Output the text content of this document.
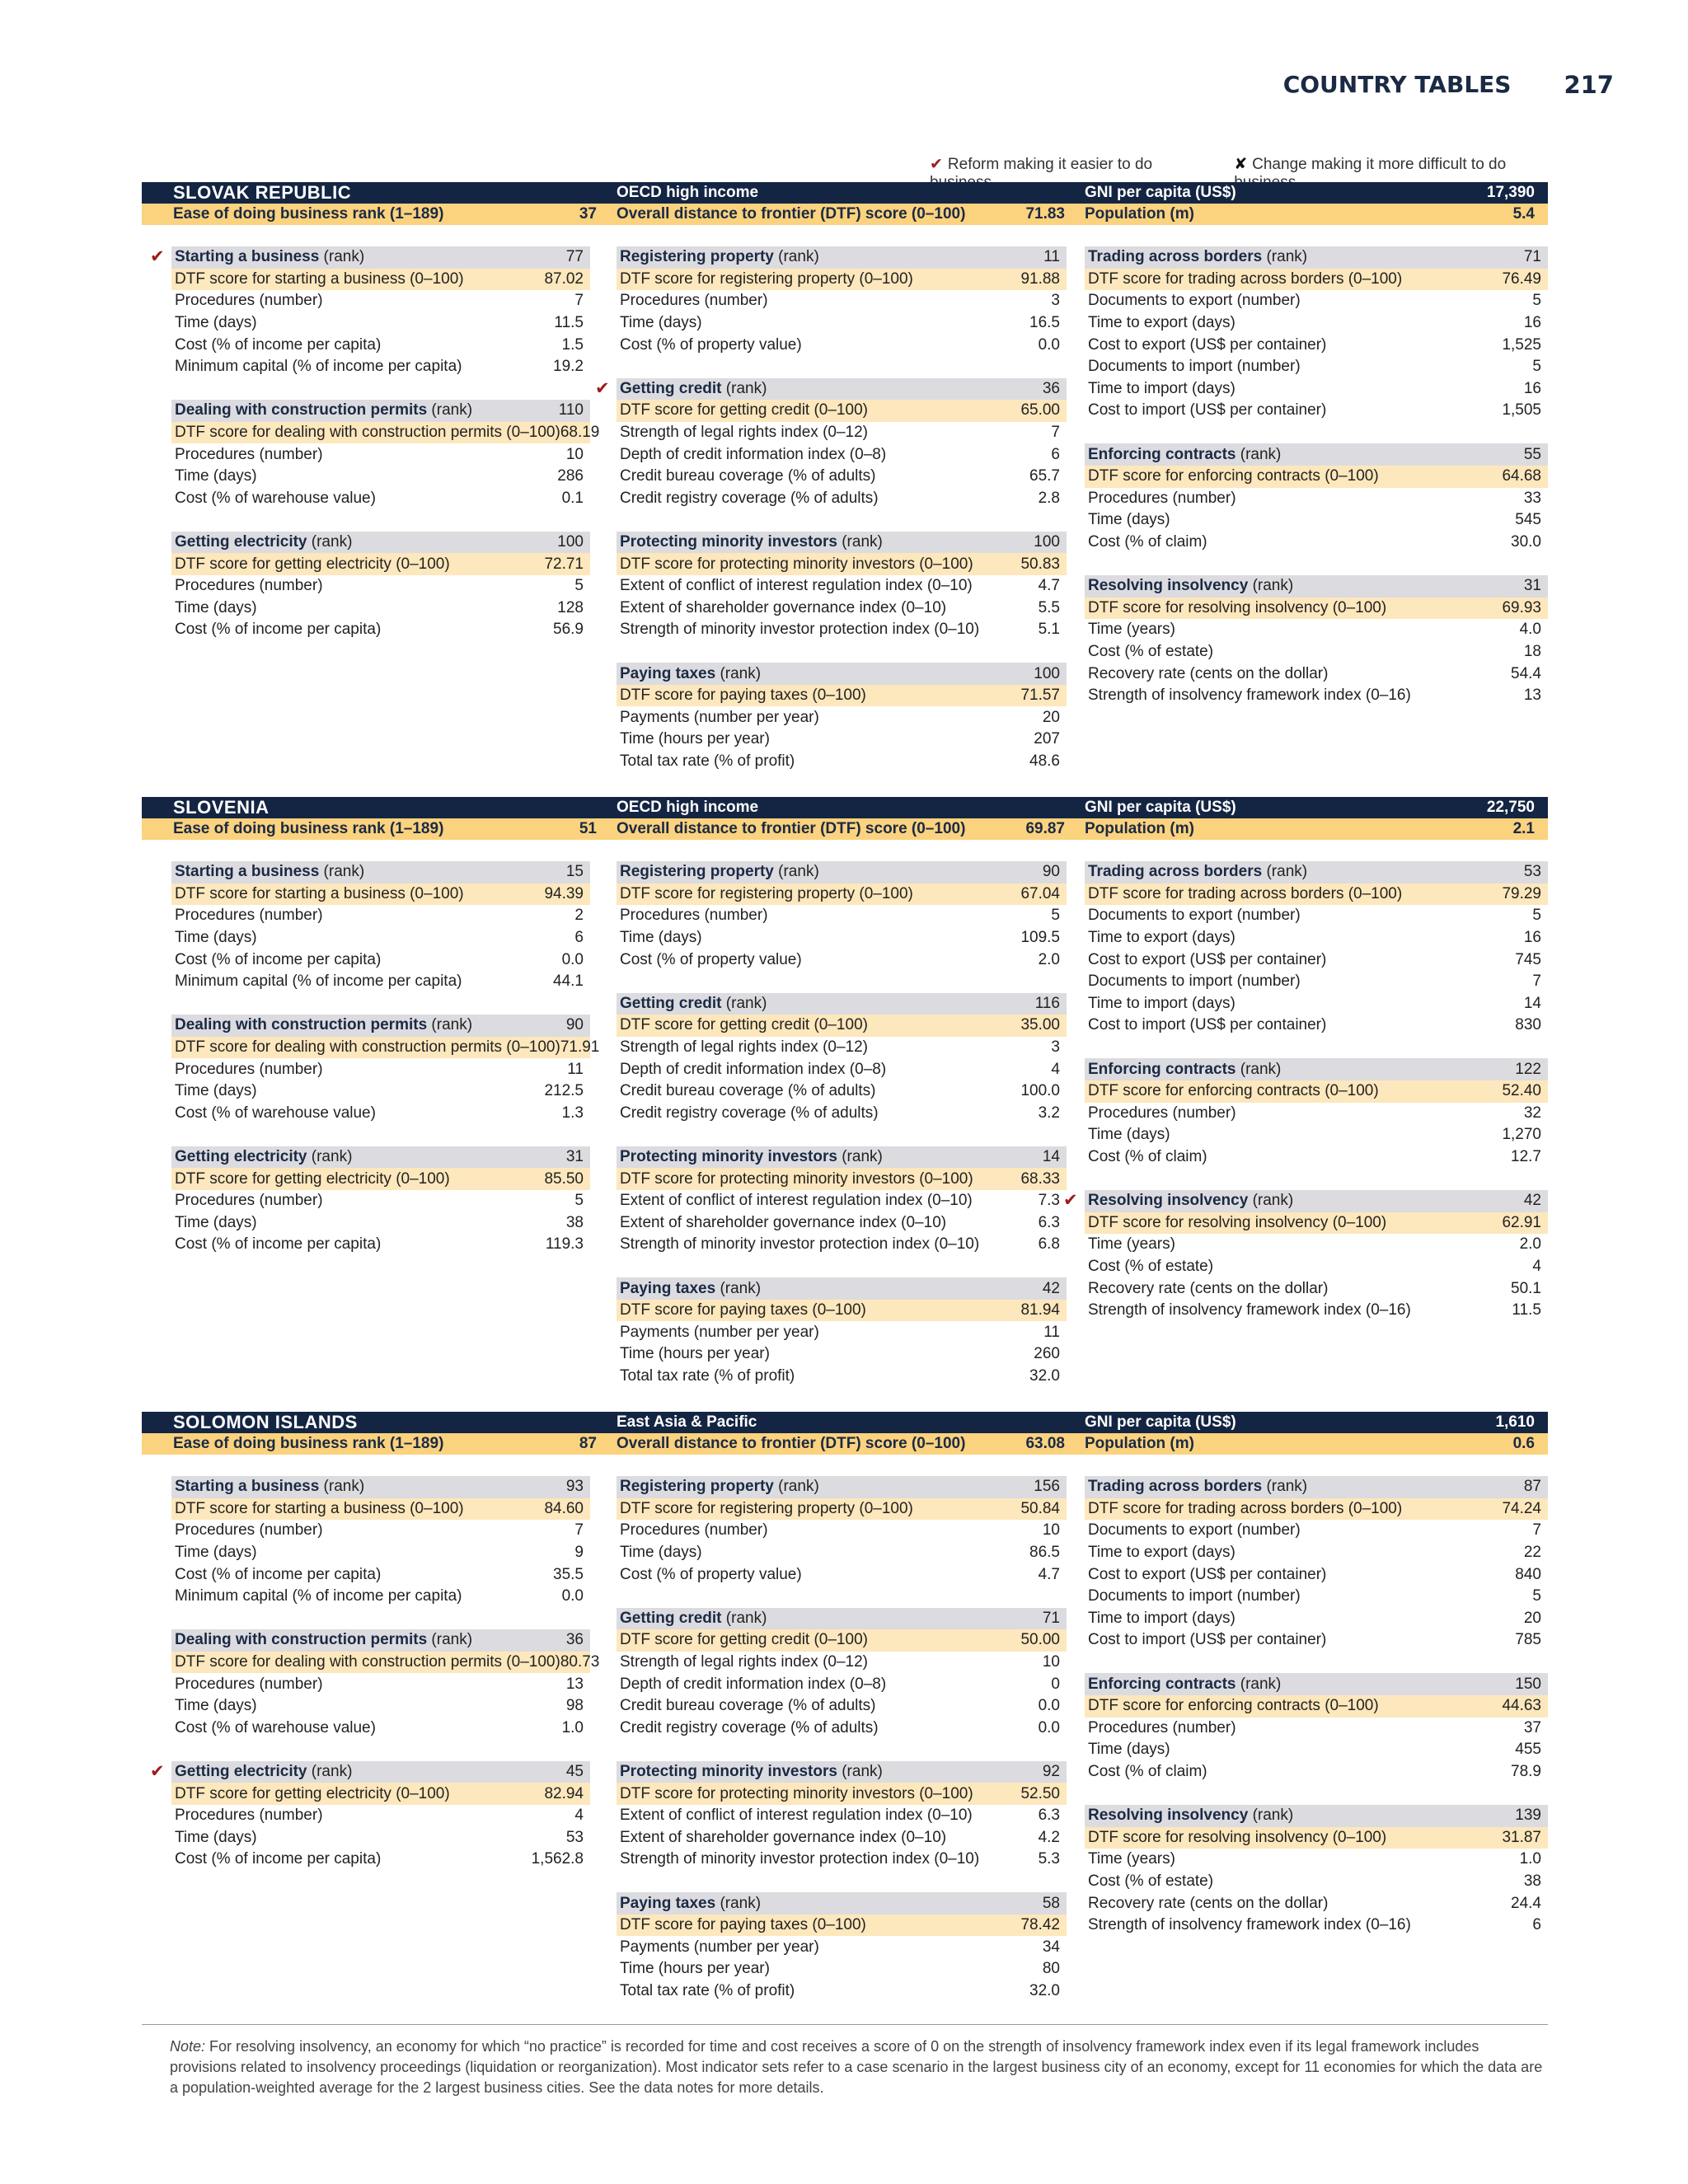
COUNTRY TABLES 217
✔ Reform making it easier to do	✘ Change making it more difficult to do
SLOVAK REPUBLIC
Ease of doing business rank (1–189)	37
OECD high income
Overall distance to frontier (DTF) score (0–100)	71.83
GNI per capita (US$)	17,390
Population (m)	5.4
✔ Starting a business (rank)	77
DTF score for starting a business (0–100)	87.02
Procedures (number)	7
Time (days)	11.5
Cost (% of income per capita)	1.5
Minimum capital (% of income per capita)	19.2
Dealing with construction permits (rank)	110
DTF score for dealing with construction permits (0–100) 68.19
Procedures (number)	10
Time (days)	286
Cost (% of warehouse value)	0.1
Getting electricity (rank)	100
DTF score for getting electricity (0–100)	72.71
Procedures (number)	5
Time (days)	128
Cost (% of income per capita)	56.9
Registering property (rank)	11
DTF score for registering property (0–100)	91.88
Procedures (number)	3
Time (days)	16.5
Cost (% of property value)	0.0
✔ Getting credit (rank)	36
DTF score for getting credit (0–100)	65.00
Strength of legal rights index (0–12)	7
Depth of credit information index (0–8)	6
Credit bureau coverage (% of adults)	65.7
Credit registry coverage (% of adults)	2.8
Protecting minority investors (rank)	100
DTF score for protecting minority investors (0–100)	50.83
Extent of conflict of interest regulation index (0–10)	4.7
Extent of shareholder governance index (0–10)	5.5
Strength of minority investor protection index (0–10)	5.1
Paying taxes (rank)	100
DTF score for paying taxes (0–100)	71.57
Payments (number per year)	20
Time (hours per year)	207
Total tax rate (% of profit)	48.6
Trading across borders (rank)	71
DTF score for trading across borders (0–100)	76.49
Documents to export (number)	5
Time to export (days)	16
Cost to export (US$ per container)	1,525
Documents to import (number)	5
Time to import (days)	16
Cost to import (US$ per container)	1,505
Enforcing contracts (rank)	55
DTF score for enforcing contracts (0–100)	64.68
Procedures (number)	33
Time (days)	545
Cost (% of claim)	30.0
Resolving insolvency (rank)	31
DTF score for resolving insolvency (0–100)	69.93
Time (years)	4.0
Cost (% of estate)	18
Recovery rate (cents on the dollar)	54.4
Strength of insolvency framework index (0–16)	13
SLOVENIA
Ease of doing business rank (1–189)	51
OECD high income
Overall distance to frontier (DTF) score (0–100)	69.87
GNI per capita (US$)	22,750
Population (m)	2.1
Starting a business (rank)	15
DTF score for starting a business (0–100)	94.39
Procedures (number)	2
Time (days)	6
Cost (% of income per capita)	0.0
Minimum capital (% of income per capita)	44.1
Dealing with construction permits (rank)	90
DTF score for dealing with construction permits (0–100) 71.91
Procedures (number)	11
Time (days)	212.5
Cost (% of warehouse value)	1.3
Getting electricity (rank)	31
DTF score for getting electricity (0–100)	85.50
Procedures (number)	5
Time (days)	38
Cost (% of income per capita)	119.3
Registering property (rank)	90
DTF score for registering property (0–100)	67.04
Procedures (number)	5
Time (days)	109.5
Cost (% of property value)	2.0
Getting credit (rank)	116
DTF score for getting credit (0–100)	35.00
Strength of legal rights index (0–12)	3
Depth of credit information index (0–8)	4
Credit bureau coverage (% of adults)	100.0
Credit registry coverage (% of adults)	3.2
Protecting minority investors (rank)	14
DTF score for protecting minority investors (0–100)	68.33
Extent of conflict of interest regulation index (0–10)	7.3
Extent of shareholder governance index (0–10)	6.3
Strength of minority investor protection index (0–10)	6.8
Paying taxes (rank)	42
DTF score for paying taxes (0–100)	81.94
Payments (number per year)	11
Time (hours per year)	260
Total tax rate (% of profit)	32.0
Trading across borders (rank)	53
DTF score for trading across borders (0–100)	79.29
Documents to export (number)	5
Time to export (days)	16
Cost to export (US$ per container)	745
Documents to import (number)	7
Time to import (days)	14
Cost to import (US$ per container)	830
Enforcing contracts (rank)	122
DTF score for enforcing contracts (0–100)	52.40
Procedures (number)	32
Time (days)	1,270
Cost (% of claim)	12.7
✔ Resolving insolvency (rank)	42
DTF score for resolving insolvency (0–100)	62.91
Time (years)	2.0
Cost (% of estate)	4
Recovery rate (cents on the dollar)	50.1
Strength of insolvency framework index (0–16)	11.5
SOLOMON ISLANDS
Ease of doing business rank (1–189)	87
East Asia & Pacific
Overall distance to frontier (DTF) score (0–100)	63.08
GNI per capita (US$)	1,610
Population (m)	0.6
Starting a business (rank)	93
DTF score for starting a business (0–100)	84.60
Procedures (number)	7
Time (days)	9
Cost (% of income per capita)	35.5
Minimum capital (% of income per capita)	0.0
Dealing with construction permits (rank)	36
DTF score for dealing with construction permits (0–100) 80.73
Procedures (number)	13
Time (days)	98
Cost (% of warehouse value)	1.0
✔ Getting electricity (rank)	45
DTF score for getting electricity (0–100)	82.94
Procedures (number)	4
Time (days)	53
Cost (% of income per capita)	1,562.8
Registering property (rank)	156
DTF score for registering property (0–100)	50.84
Procedures (number)	10
Time (days)	86.5
Cost (% of property value)	4.7
Getting credit (rank)	71
DTF score for getting credit (0–100)	50.00
Strength of legal rights index (0–12)	10
Depth of credit information index (0–8)	0
Credit bureau coverage (% of adults)	0.0
Credit registry coverage (% of adults)	0.0
Protecting minority investors (rank)	92
DTF score for protecting minority investors (0–100)	52.50
Extent of conflict of interest regulation index (0–10)	6.3
Extent of shareholder governance index (0–10)	4.2
Strength of minority investor protection index (0–10)	5.3
Paying taxes (rank)	58
DTF score for paying taxes (0–100)	78.42
Payments (number per year)	34
Time (hours per year)	80
Total tax rate (% of profit)	32.0
Trading across borders (rank)	87
DTF score for trading across borders (0–100)	74.24
Documents to export (number)	7
Time to export (days)	22
Cost to export (US$ per container)	840
Documents to import (number)	5
Time to import (days)	20
Cost to import (US$ per container)	785
Enforcing contracts (rank)	150
DTF score for enforcing contracts (0–100)	44.63
Procedures (number)	37
Time (days)	455
Cost (% of claim)	78.9
Resolving insolvency (rank)	139
DTF score for resolving insolvency (0–100)	31.87
Time (years)	1.0
Cost (% of estate)	38
Recovery rate (cents on the dollar)	24.4
Strength of insolvency framework index (0–16)	6
Note: For resolving insolvency, an economy for which “no practice” is recorded for time and cost receives a score of 0 on the strength of insolvency framework index even if its legal framework includes provisions related to insolvency proceedings (liquidation or reorganization). Most indicator sets refer to a case scenario in the largest business city of an economy, except for 11 economies for which the data are a population-weighted average for the 2 largest business cities. See the data notes for more details.
